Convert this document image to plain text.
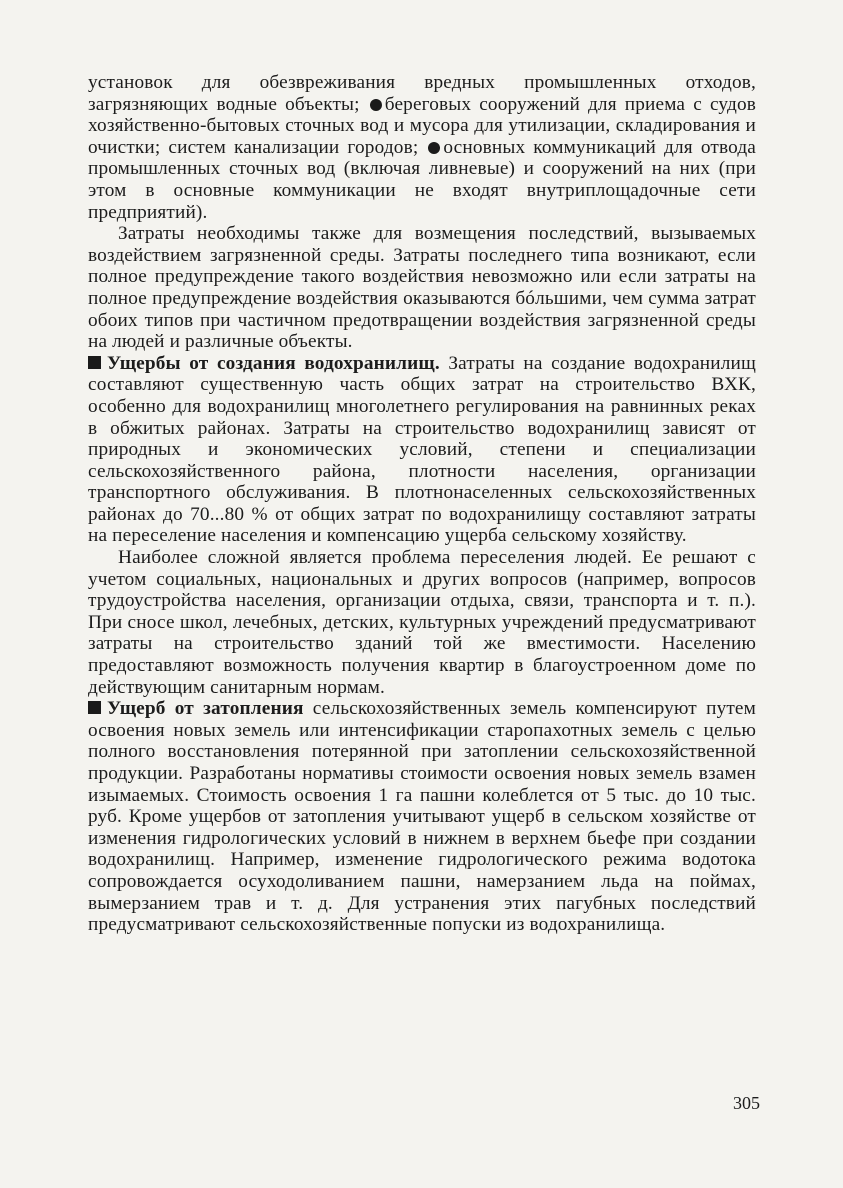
установок для обезвреживания вредных промышленных отходов, загрязняющих водные объекты; береговых сооружений для приема с судов хозяйственно-бытовых сточных вод и мусора для утилизации, складирования и очистки; систем канализации городов; основных коммуникаций для отвода промышленных сточных вод (включая ливневые) и сооружений на них (при этом в основные коммуникации не входят внутриплощадочные сети предприятий).

Затраты необходимы также для возмещения последствий, вызываемых воздействием загрязненной среды. Затраты последнего типа возникают, если полное предупреждение такого воздействия невозможно или если затраты на полное предупреждение воздействия оказываются бóльшими, чем сумма затрат обоих типов при частичном предотвращении воздействия загрязненной среды на людей и различные объекты.

Ущербы от создания водохранилищ. Затраты на создание водохранилищ составляют существенную часть общих затрат на строительство ВХК, особенно для водохранилищ многолетнего регулирования на равнинных реках в обжитых районах. Затраты на строительство водохранилищ зависят от природных и экономических условий, степени и специализации сельскохозяйственного района, плотности населения, организации транспортного обслуживания. В плотнонаселенных сельскохозяйственных районах до 70...80 % от общих затрат по водохранилищу составляют затраты на переселение населения и компенсацию ущерба сельскому хозяйству.

Наиболее сложной является проблема переселения людей. Ее решают с учетом социальных, национальных и других вопросов (например, вопросов трудоустройства населения, организации отдыха, связи, транспорта и т. п.). При сносе школ, лечебных, детских, культурных учреждений предусматривают затраты на строительство зданий той же вместимости. Населению предоставляют возможность получения квартир в благоустроенном доме по действующим санитарным нормам.

Ущерб от затопления сельскохозяйственных земель компенсируют путем освоения новых земель или интенсификации старопахотных земель с целью полного восстановления потерянной при затоплении сельскохозяйственной продукции. Разработаны нормативы стоимости освоения новых земель взамен изымаемых. Стоимость освоения 1 га пашни колеблется от 5 тыс. до 10 тыс. руб. Кроме ущербов от затопления учитывают ущерб в сельском хозяйстве от изменения гидрологических условий в нижнем в верхнем бьефе при создании водохранилищ. Например, изменение гидрологического режима водотока сопровождается осуходоливанием пашни, намерзанием льда на поймах, вымерзанием трав и т. д. Для устранения этих пагубных последствий предусматривают сельскохозяйственные попуски из водохранилища.

305
